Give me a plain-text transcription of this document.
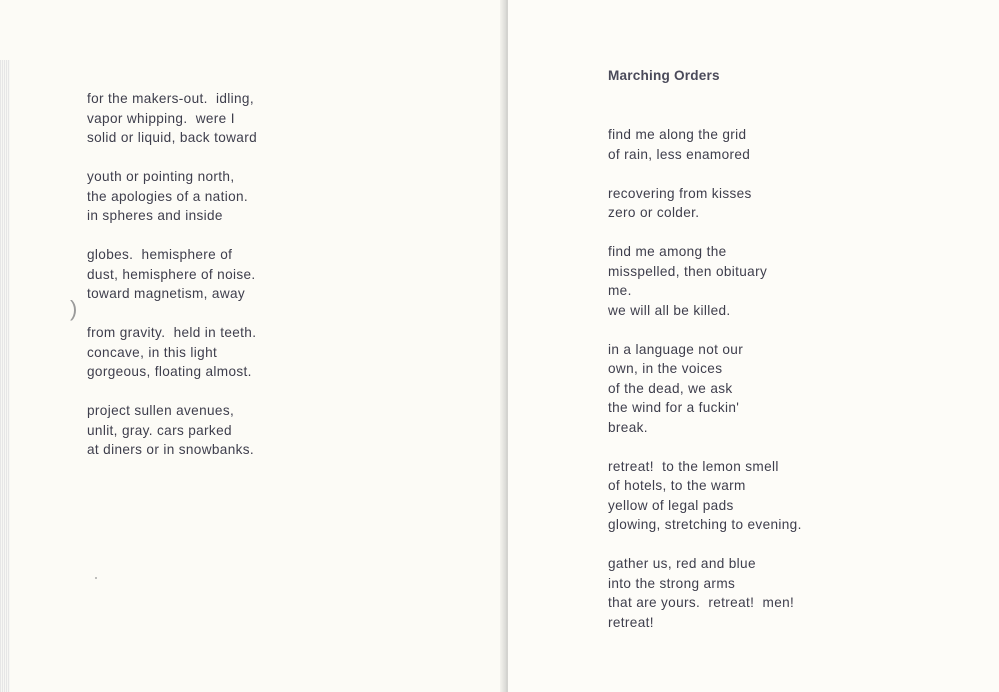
)
for the makers-out.  idling,
vapor whipping.  were I
solid or liquid, back toward
youth or pointing north,
the apologies of a nation.
in spheres and inside
globes.  hemisphere of
dust, hemisphere of noise.
toward magnetism, away
from gravity.  held in teeth.
concave, in this light
gorgeous, floating almost.
project sullen avenues,
unlit, gray. cars parked
at diners or in snowbanks.
Marching Orders
find me along the grid
of rain, less enamored
recovering from kisses
zero or colder.
find me among the
misspelled, then obituary
me.
we will all be killed.
in a language not our
own, in the voices
of the dead, we ask
the wind for a fuckin'
break.
retreat!  to the lemon smell
of hotels, to the warm
yellow of legal pads
glowing, stretching to evening.
gather us, red and blue
into the strong arms
that are yours.  retreat!  men!
retreat!
